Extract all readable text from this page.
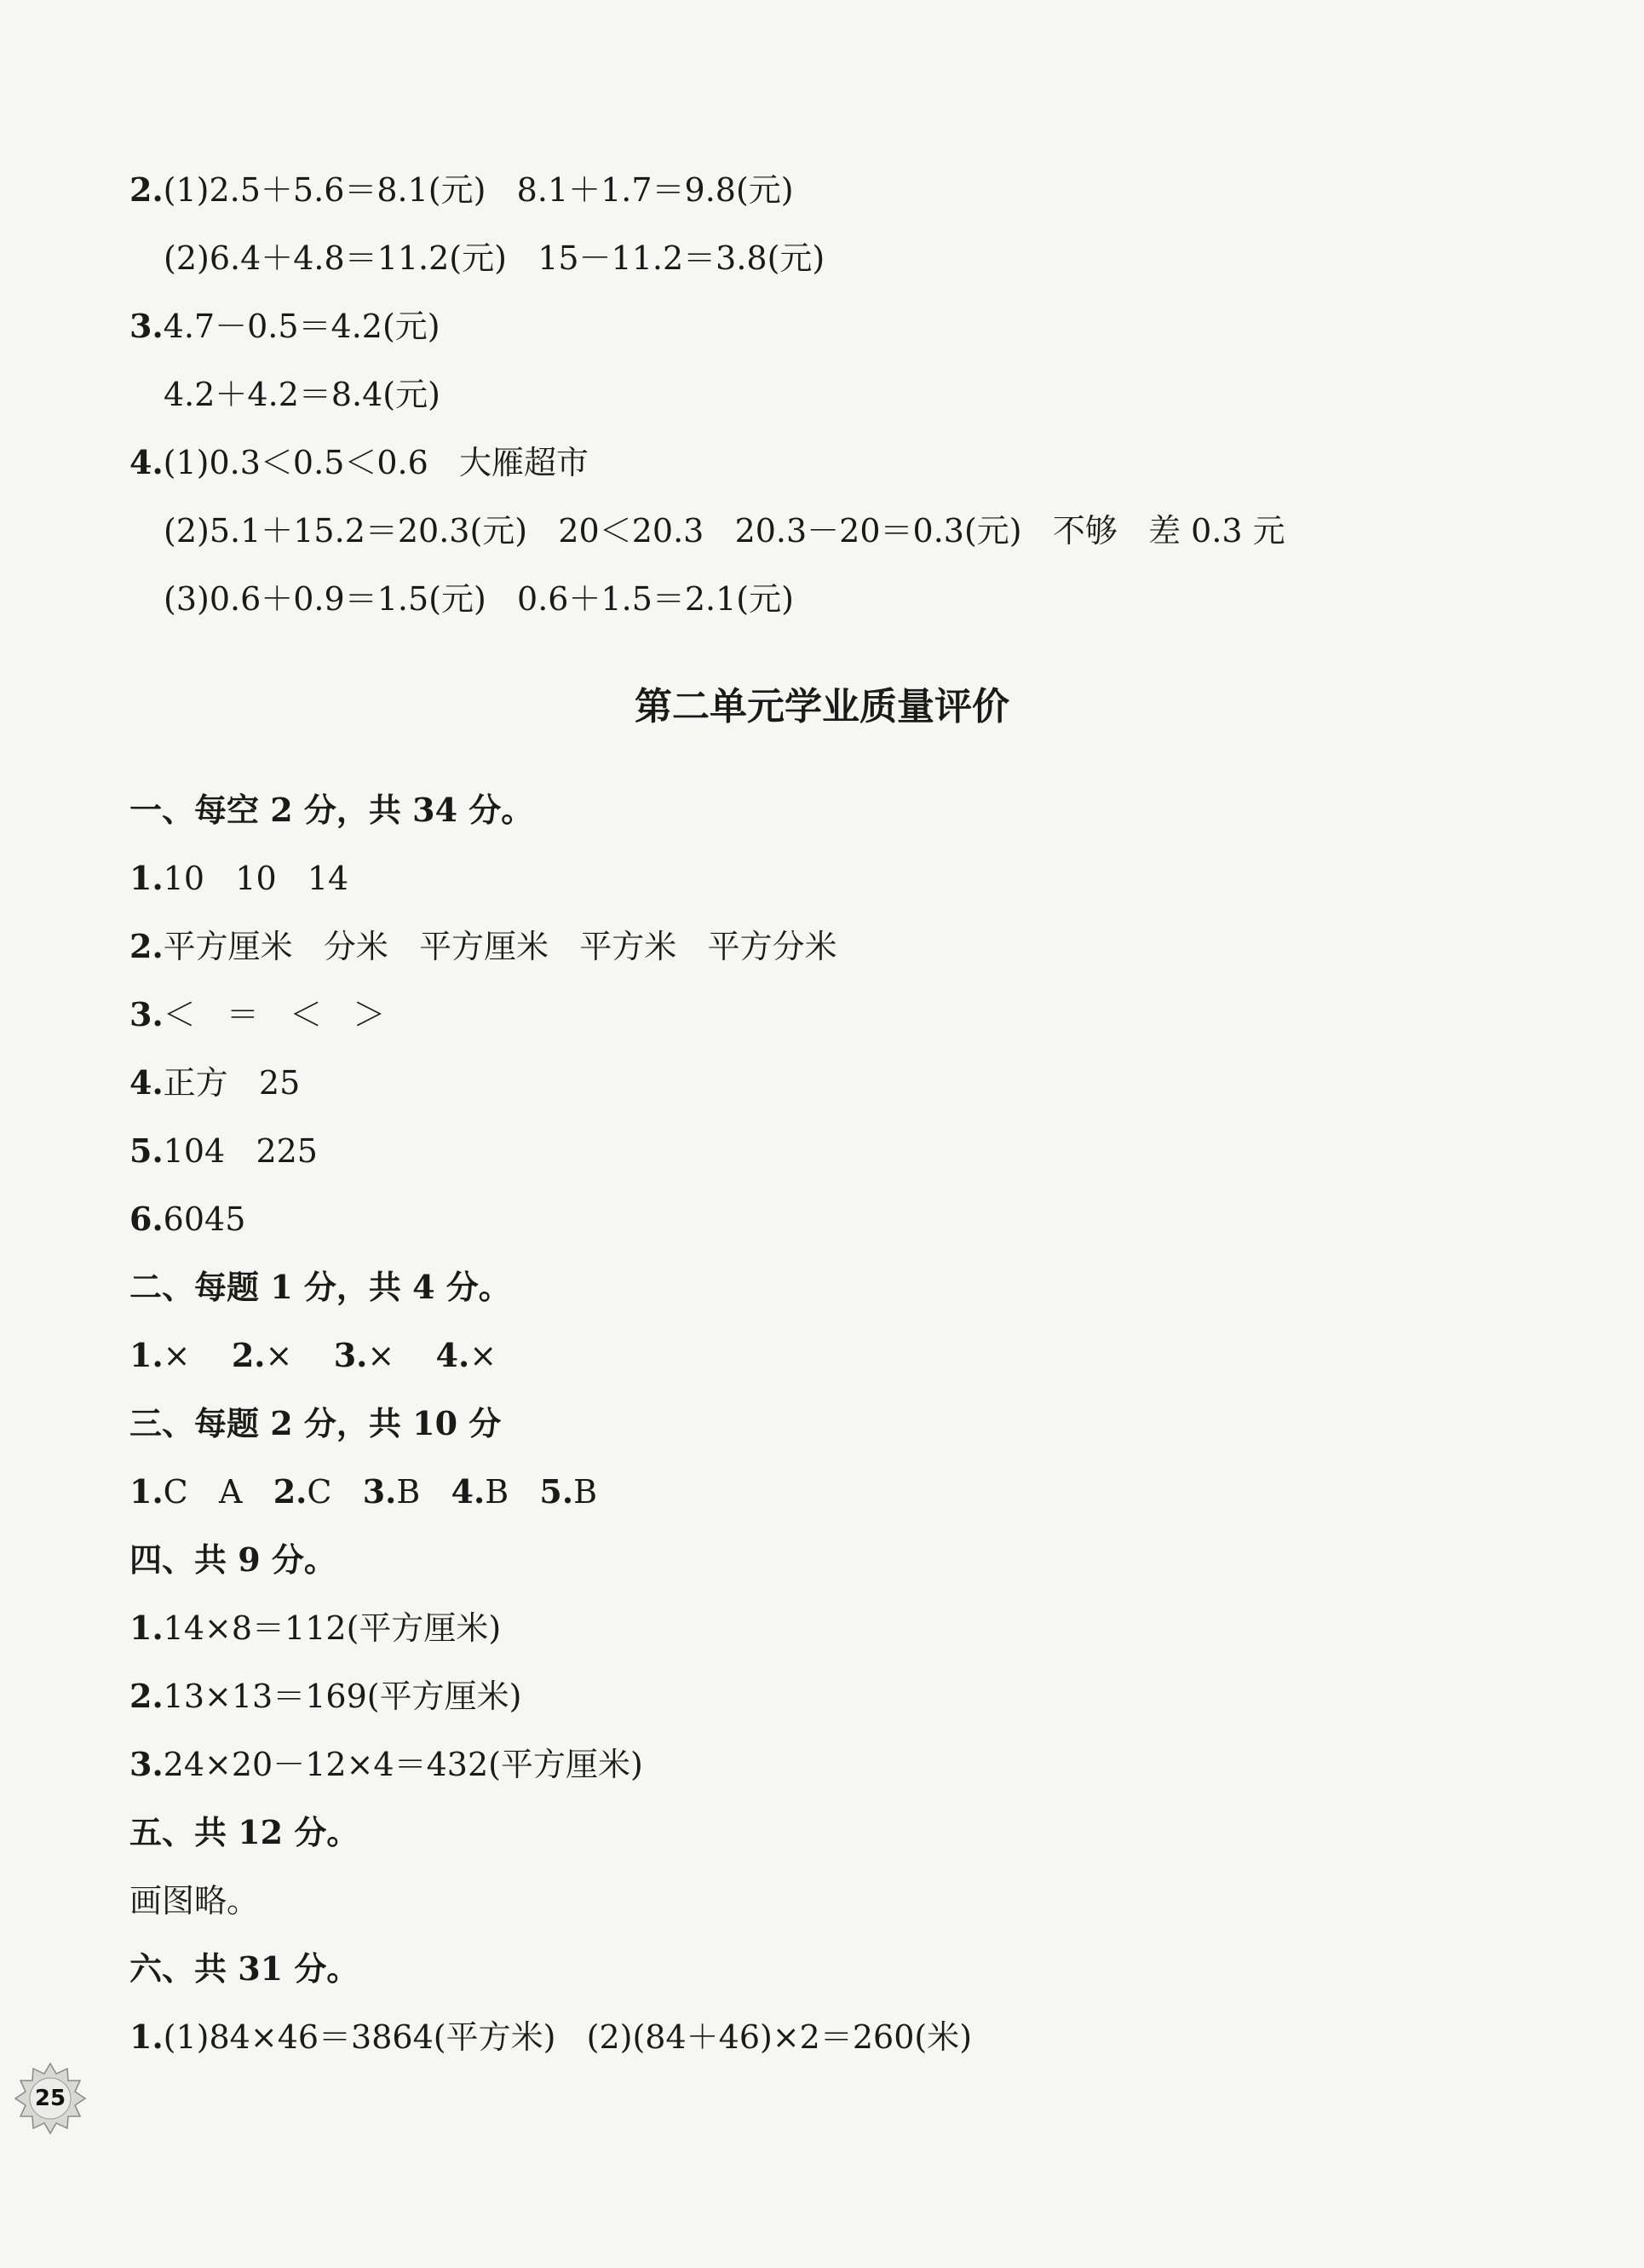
2.(1)2.5＋5.6＝8.1(元)   8.1＋1.7＝9.8(元)
(2)6.4＋4.8＝11.2(元)   15－11.2＝3.8(元)
3.4.7－0.5＝4.2(元)
4.2＋4.2＝8.4(元)
4.(1)0.3＜0.5＜0.6   大雁超市
(2)5.1＋15.2＝20.3(元)   20＜20.3   20.3－20＝0.3(元)   不够   差 0.3 元
(3)0.6＋0.9＝1.5(元)   0.6＋1.5＝2.1(元)
第二单元学业质量评价
一、每空 2 分，共 34 分。
1.10   10   14
2.平方厘米   分米   平方厘米   平方米   平方分米
3.＜   ＝   ＜   ＞
4.正方   25
5.104   225
6.6045
二、每题 1 分，共 4 分。
1.× 2.× 3.× 4.×
三、每题 2 分，共 10 分
1.C   A 2.C 3.B 4.B 5.B
四、共 9 分。
1.14×8＝112(平方厘米)
2.13×13＝169(平方厘米)
3.24×20－12×4＝432(平方厘米)
五、共 12 分。
画图略。
六、共 31 分。
1.(1)84×46＝3864(平方米)   (2)(84＋46)×2＝260(米)
25
